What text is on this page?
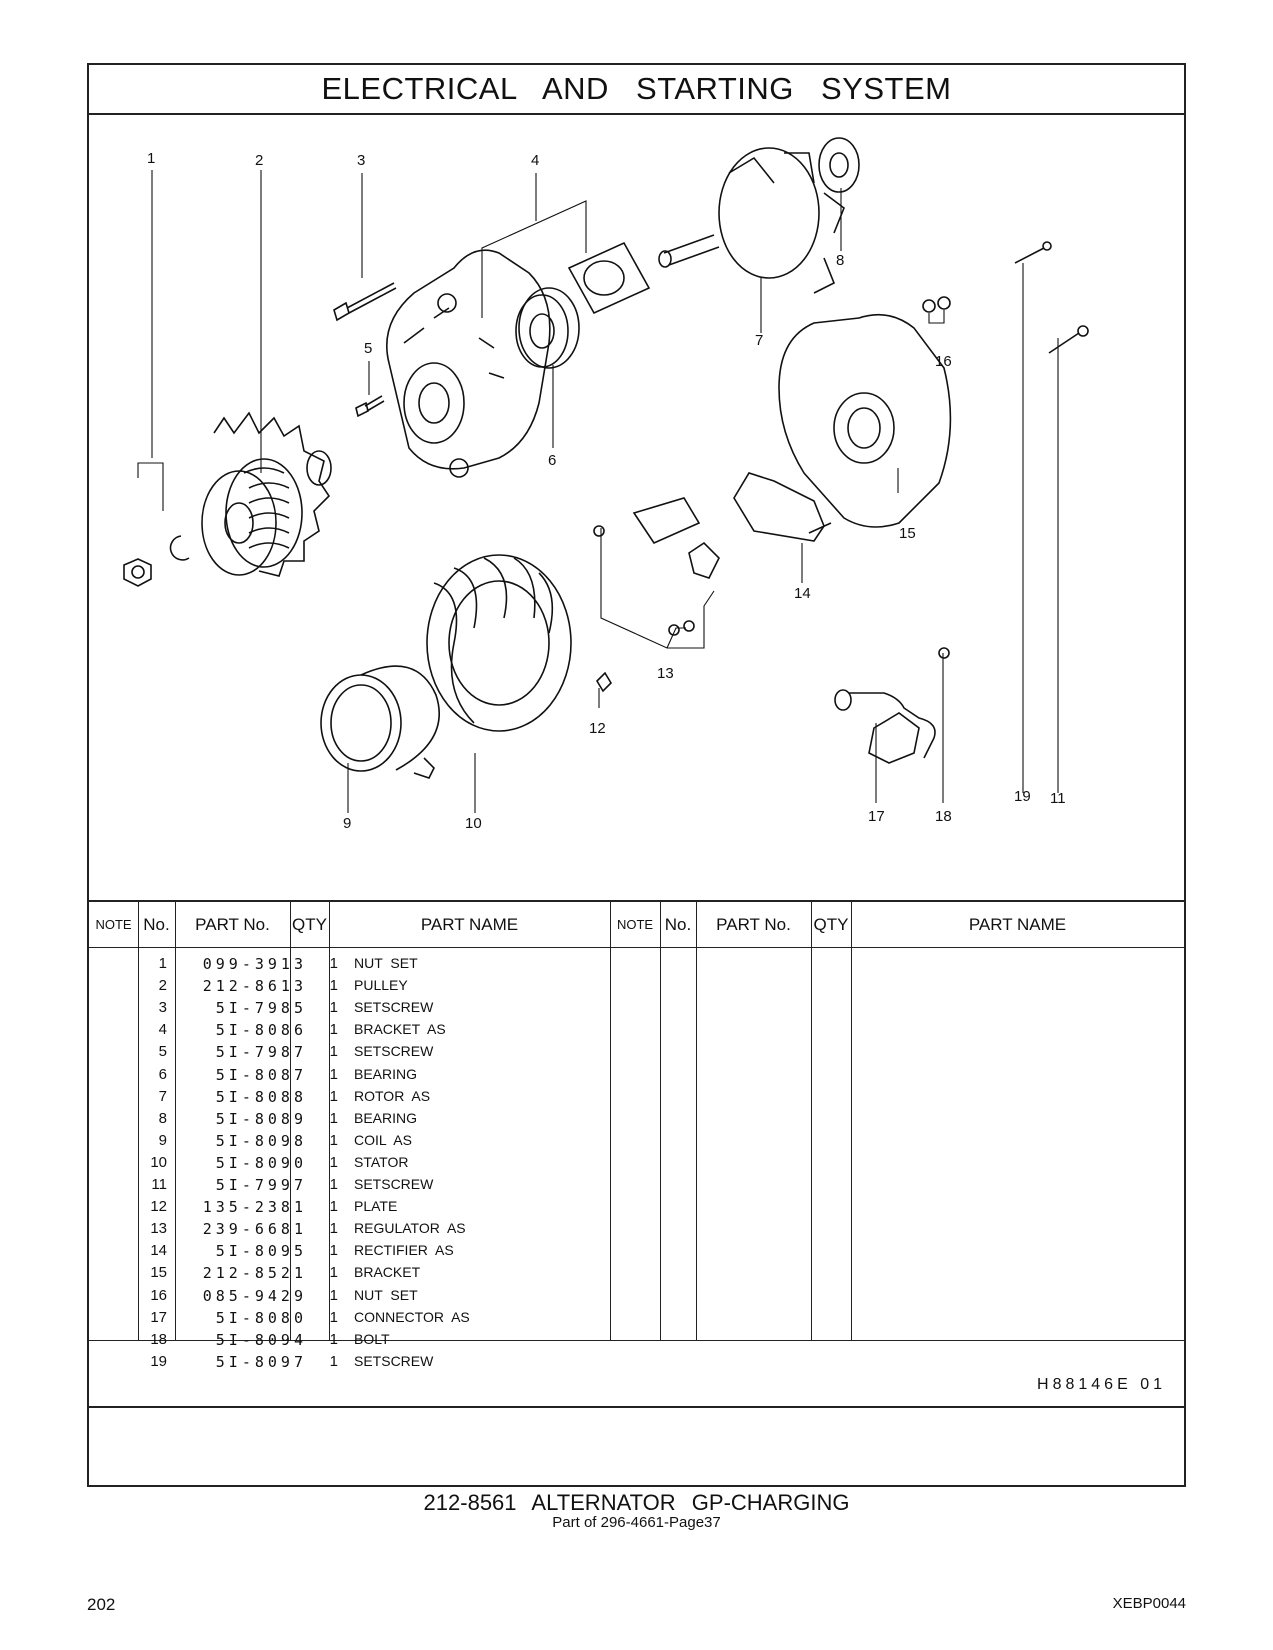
ELECTRICAL AND STARTING SYSTEM
1	2	3	4
5
6
7
8
9	10
11
12
13
14
15
16
17	18
19
NOTE No.	PART No.	QTY	PART NAME	NOTE No.	PART No.	QTY	PART NAME
1	099-3913	1 NUT SET
2	212-8613	1 PULLEY
3	5I-7985	1 SETSCREW
4	5I-8086	1 BRACKET AS
5	5I-7987	1 SETSCREW
6	5I-8087	1 BEARING
7	5I-8088	1 ROTOR AS
8	5I-8089	1 BEARING
9	5I-8098	1 COIL AS
10	5I-8090	1 STATOR
11	5I-7997	1 SETSCREW
12	135-2381	1 PLATE
13	239-6681	1 REGULATOR AS
14	5I-8095	1 RECTIFIER AS
15	212-8521	1 BRACKET
16	085-9429	1 NUT SET
17	5I-8080	1 CONNECTOR AS
18	5I-8094	1 BOLT
19	5I-8097	1 SETSCREW
H88146E 01
212-8561 ALTERNATOR GP-CHARGING
Part of 296-4661-Page37
202	XEBP0044
